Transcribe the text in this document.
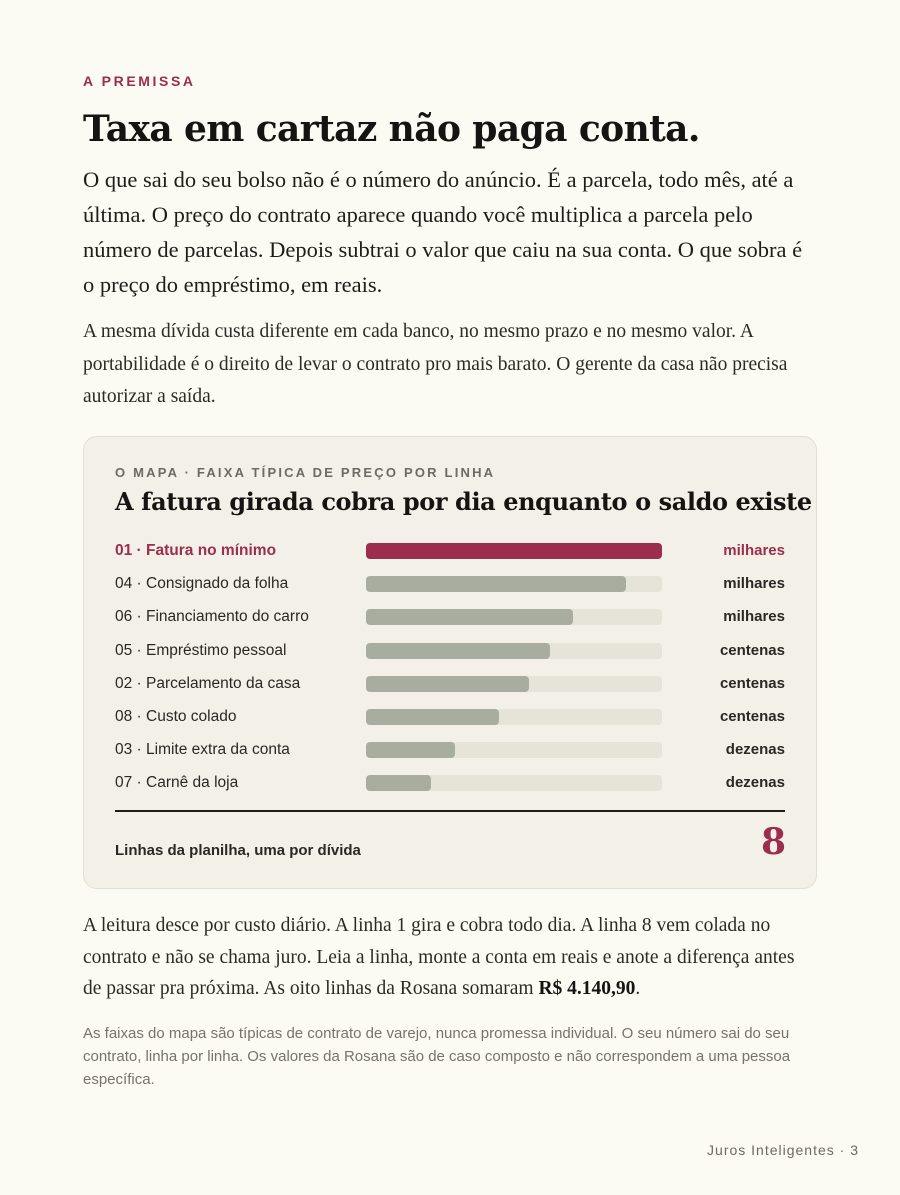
A PREMISSA
Taxa em cartaz não paga conta.

O que sai do seu bolso não é o número do anúncio. É a parcela, todo mês, até a última. O preço do contrato aparece quando você multiplica a parcela pelo número de parcelas. Depois subtrai o valor que caiu na sua conta. O que sobra é o preço do empréstimo, em reais.

A mesma dívida custa diferente em cada banco, no mesmo prazo e no mesmo valor. A portabilidade é o direito de levar o contrato pro mais barato. O gerente da casa não precisa autorizar a saída.

O MAPA · FAIXA TÍPICA DE PREÇO POR LINHA
A fatura girada cobra por dia enquanto o saldo existe
01 · Fatura no mínimo	milhares
04 · Consignado da folha	milhares
06 · Financiamento do carro	milhares
05 · Empréstimo pessoal	centenas
02 · Parcelamento da casa	centenas
08 · Custo colado	centenas
03 · Limite extra da conta	dezenas
07 · Carnê da loja	dezenas
Linhas da planilha, uma por dívida	8

A leitura desce por custo diário. A linha 1 gira e cobra todo dia. A linha 8 vem colada no contrato e não se chama juro. Leia a linha, monte a conta em reais e anote a diferença antes de passar pra próxima. As oito linhas da Rosana somaram R$ 4.140,90.

As faixas do mapa são típicas de contrato de varejo, nunca promessa individual. O seu número sai do seu contrato, linha por linha. Os valores da Rosana são de caso composto e não correspondem a uma pessoa específica.

Juros Inteligentes · 3
